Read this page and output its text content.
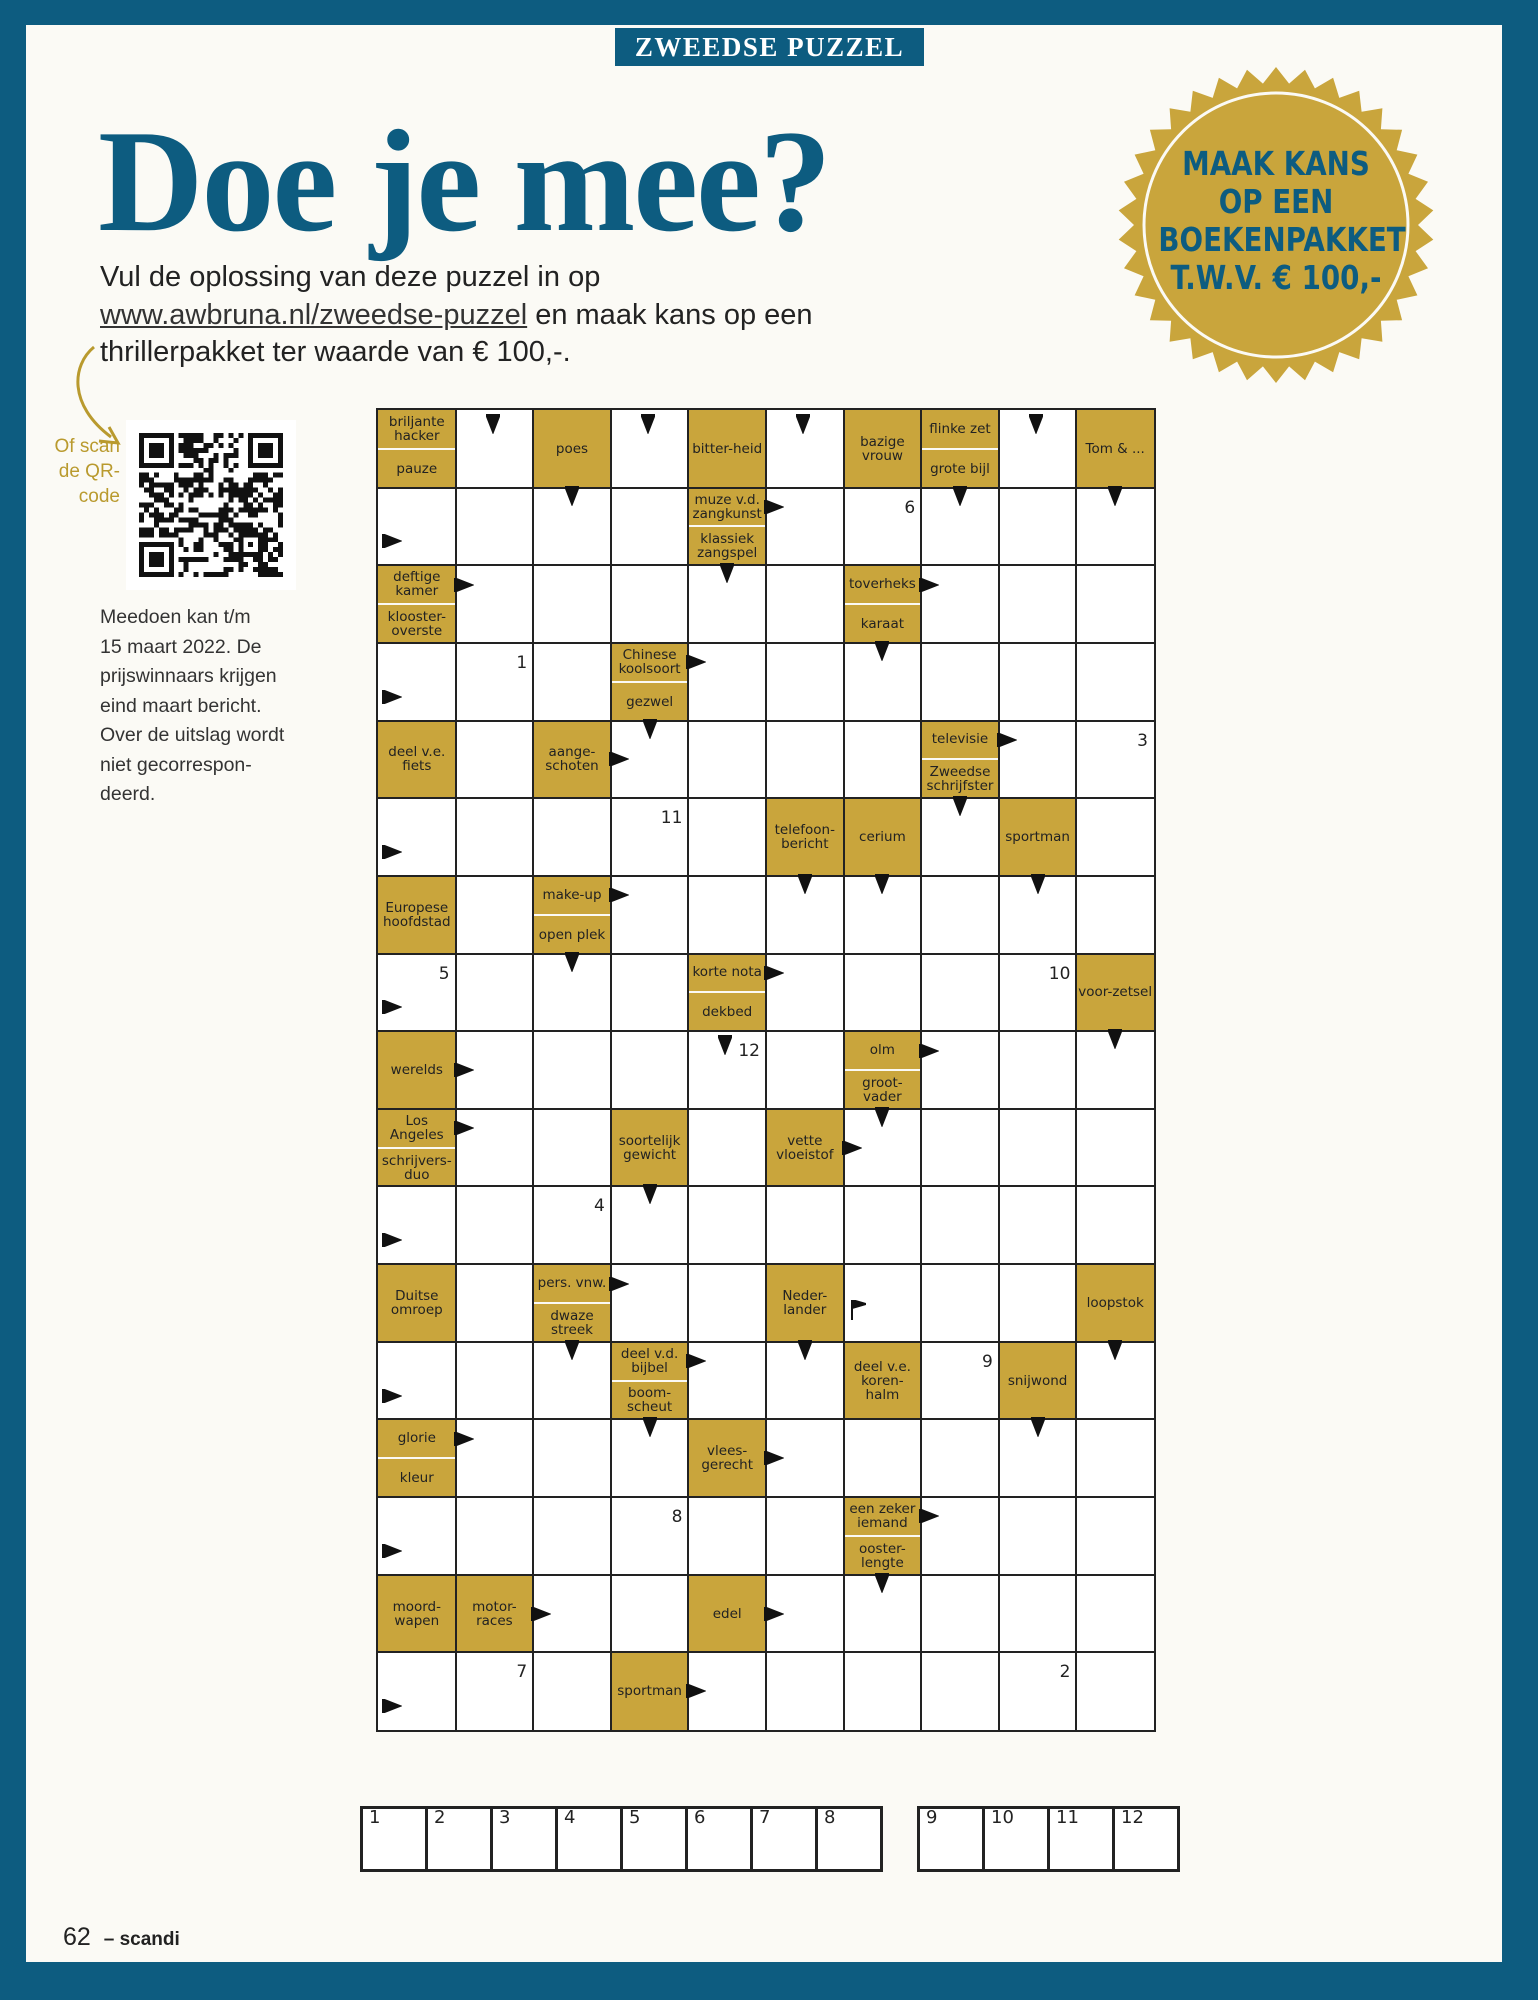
ZWEEDSE PUZZEL
Doe je mee?
Vul de oplossing van deze puzzel in op
www.awbruna.nl/zweedse-puzzel en maak kans op een
thrillerpakket ter waarde van € 100,-.
Of scan
de QR-
code
Meedoen kan t/m
15 maart 2022. De
prijswinnaars krijgen
eind maart bericht.
Over de uitslag wordt
niet gecorrespon-
deerd.
MAAK KANS
OP EEN
BOEKENPAKKET
T.W.V. € 100,-
briljante hacker
pauze
poes	bitter-heid	bazige vrouw
flinke zet
grote bijl
Tom & ...
muze v.d. zangkunst
klassiek zangspel
deftige kamer
klooster-overste
toverheks
karaat
Chinese koolsoort
gezwel
deel v.e. fiets
aange-schoten
televisie
Zweedse schrijfster
telefoon-bericht	cerium	sportman
Europese hoofdstad
make-up
open plek
korte nota
dekbed
voor-zetsel
werelds
olm
groot-vader
Los Angeles
schrijvers-duo
soortelijk gewicht
vette vloeistof
Duitse omroep
pers. vnw.
dwaze streek
Neder-lander	loopstok
deel v.d. bijbel
boom-scheut
deel v.e. koren-halm
snijwond
glorie
kleur
vlees-gerecht
een zeker iemand
ooster-lengte
moord-wapen
motor-races	edel
sportman
6
1
3
11
5	10
12
4
9
8
7	2
1	2	3	4	5	6	7	8	9	10 11 12
62 – scandi
